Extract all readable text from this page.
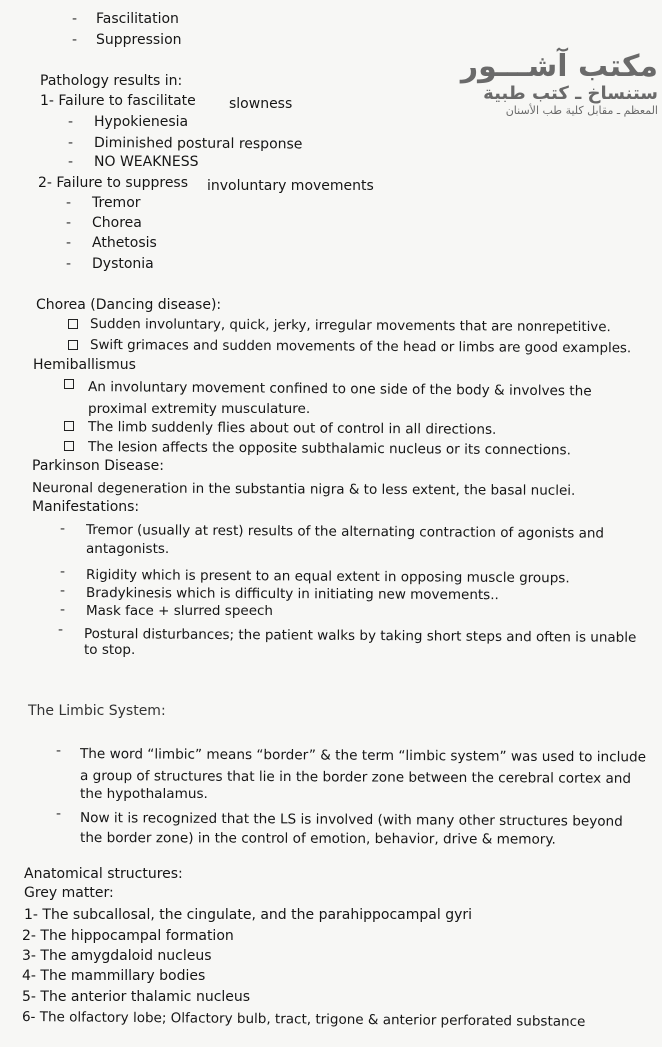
مكتب آشـــور
ستنساخ ـ كتب طبية
المعظم ـ مقابل كلية طب الأسنان
- Fascilitation
- Suppression
Pathology results in:
1- Failure to fascilitate slowness
- Hypokienesia
- Diminished postural response
- NO WEAKNESS
2- Failure to suppress involuntary movements
- Tremor
- Chorea
- Athetosis
- Dystonia
Chorea (Dancing disease):
Sudden involuntary, quick, jerky, irregular movements that are nonrepetitive.
Swift grimaces and sudden movements of the head or limbs are good examples.
Hemiballismus
An involuntary movement confined to one side of the body & involves the
proximal extremity musculature.
The limb suddenly flies about out of control in all directions.
The lesion affects the opposite subthalamic nucleus or its connections.
Parkinson Disease:
Neuronal degeneration in the substantia nigra & to less extent, the basal nuclei.
Manifestations:
- Tremor (usually at rest) results of the alternating contraction of agonists and
antagonists.
- Rigidity which is present to an equal extent in opposing muscle groups.
- Bradykinesis which is difficulty in initiating new movements..
- Mask face + slurred speech
- Postural disturbances; the patient walks by taking short steps and often is unable
to stop.
The Limbic System:
- The word “limbic” means “border” & the term “limbic system” was used to include
a group of structures that lie in the border zone between the cerebral cortex and
the hypothalamus.
- Now it is recognized that the LS is involved (with many other structures beyond
the border zone) in the control of emotion, behavior, drive & memory.
Anatomical structures:
Grey matter:
1- The subcallosal, the cingulate, and the parahippocampal gyri
2- The hippocampal formation
3- The amygdaloid nucleus
4- The mammillary bodies
5- The anterior thalamic nucleus
6- The olfactory lobe; Olfactory bulb, tract, trigone & anterior perforated substance
